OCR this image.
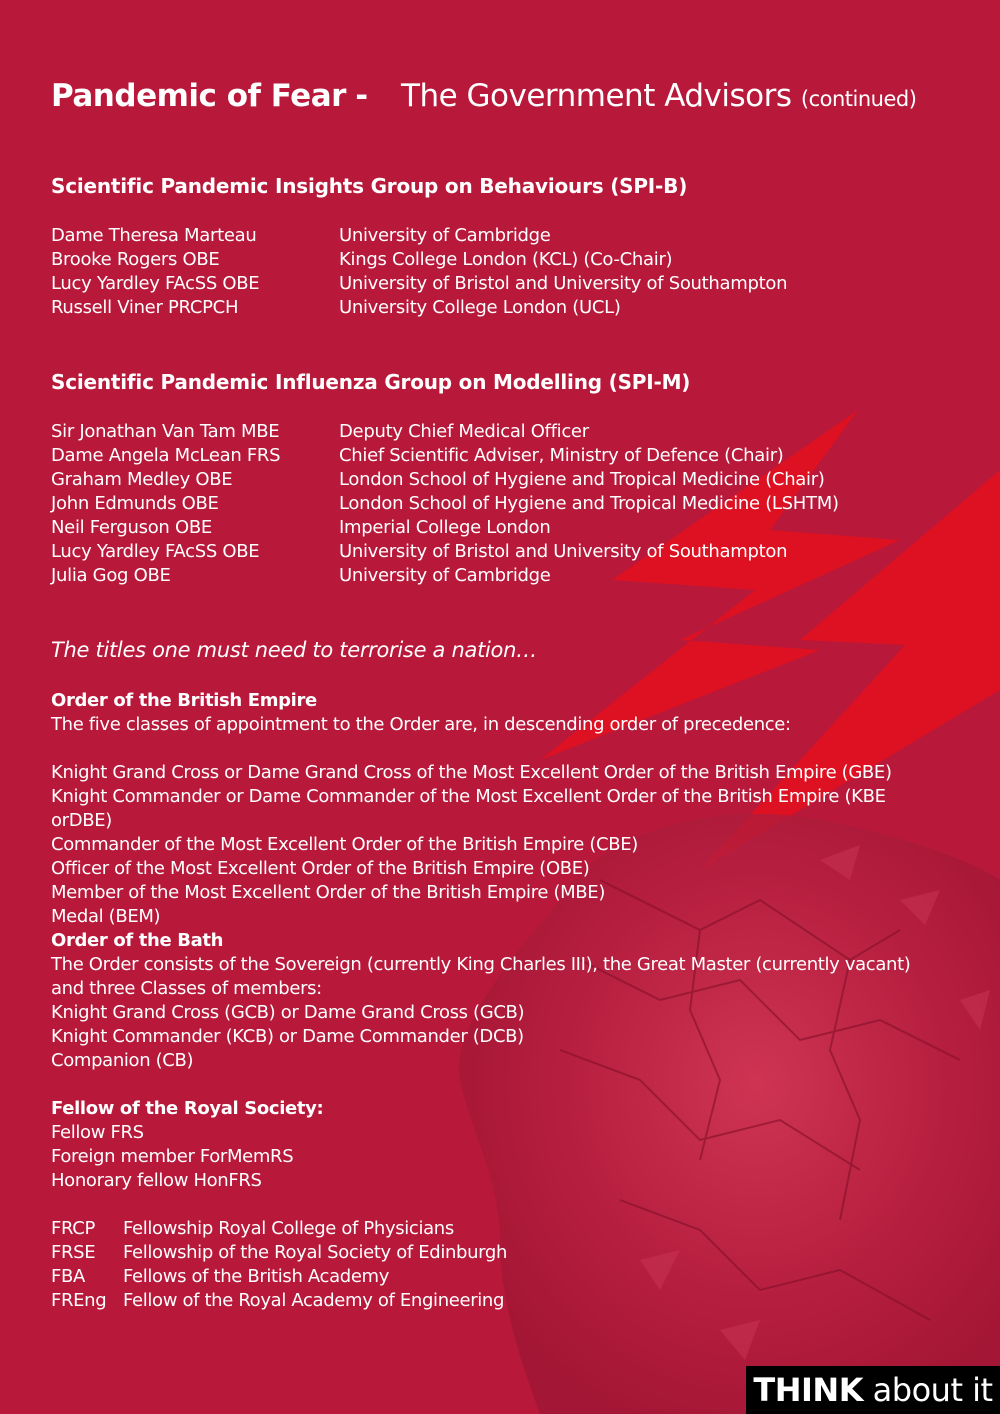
Pandemic of Fear - The Government Advisors (continued)
Scientific Pandemic Insights Group on Behaviours (SPI-B)
Dame Theresa Marteau	University of Cambridge
Brooke Rogers OBE	Kings College London (KCL) (Co-Chair)
Lucy Yardley FAcSS OBE	University of Bristol and University of Southampton
Russell Viner PRCPCH	University College London (UCL)
Scientific Pandemic Influenza Group on Modelling (SPI-M)
Sir Jonathan Van Tam MBE	Deputy Chief Medical Officer
Dame Angela McLean FRS	Chief Scientific Adviser, Ministry of Defence (Chair)
Graham Medley OBE	London School of Hygiene and Tropical Medicine (Chair)
John Edmunds OBE	London School of Hygiene and Tropical Medicine (LSHTM)
Neil Ferguson OBE	Imperial College London
Lucy Yardley FAcSS OBE	University of Bristol and University of Southampton
Julia Gog OBE	University of Cambridge
The titles one must need to terrorise a nation…
Order of the British Empire
The five classes of appointment to the Order are, in descending order of precedence:
Knight Grand Cross or Dame Grand Cross of the Most Excellent Order of the British Empire (GBE)
Knight Commander or Dame Commander of the Most Excellent Order of the British Empire (KBE orDBE)
Commander of the Most Excellent Order of the British Empire (CBE)
Officer of the Most Excellent Order of the British Empire (OBE)
Member of the Most Excellent Order of the British Empire (MBE)
Medal (BEM)
Order of the Bath
The Order consists of the Sovereign (currently King Charles III), the Great Master (currently vacant) and three Classes of members:
Knight Grand Cross (GCB) or Dame Grand Cross (GCB)
Knight Commander (KCB) or Dame Commander (DCB)
Companion (CB)
Fellow of the Royal Society:
Fellow FRS
Foreign member ForMemRS
Honorary fellow HonFRS
FRCP	Fellowship Royal College of Physicians
FRSE	Fellowship of the Royal Society of Edinburgh
FBA	Fellows of the British Academy
FREng Fellow of the Royal Academy of Engineering
THINK about it
